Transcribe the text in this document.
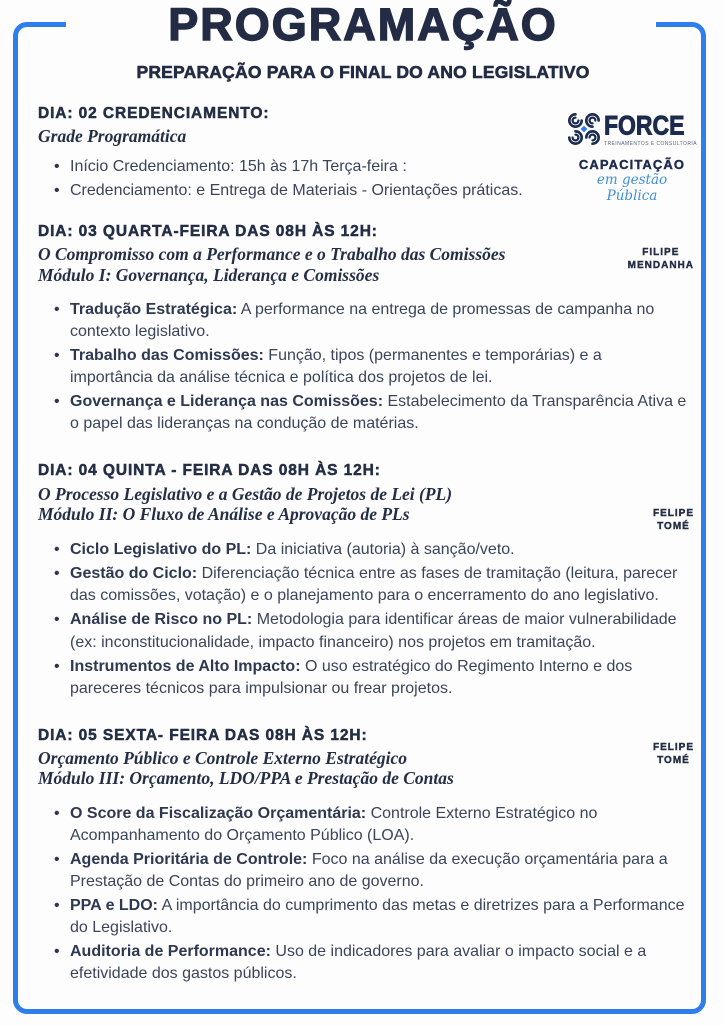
FORCE
TREINAMENTOS E CONSULTORIA
CAPACITAÇÃO
em gestão Pública
PROGRAMAÇÃO
PREPARAÇÃO PARA O FINAL DO ANO LEGISLATIVO
DIA: 02 CREDENCIAMENTO:
Grade Programática
• Início Credenciamento: 15h às 17h Terça-feira :
• Credenciamento: e Entrega de Materiais - Orientações práticas.
DIA: 03 QUARTA-FEIRA DAS 08H ÀS 12H:
O Compromisso com a Performance e o Trabalho das Comissões
Módulo I: Governança, Liderança e Comissões
FILIPE
MENDANHA
• Tradução Estratégica: A performance na entrega de promessas de campanha no contexto legislativo.
• Trabalho das Comissões: Função, tipos (permanentes e temporárias) e a importância da análise técnica e política dos projetos de lei.
• Governança e Liderança nas Comissões: Estabelecimento da Transparência Ativa e o papel das lideranças na condução de matérias.
DIA: 04 QUINTA - FEIRA DAS 08H ÀS 12H:
O Processo Legislativo e a Gestão de Projetos de Lei (PL)
Módulo II: O Fluxo de Análise e Aprovação de PLs	FELIPE
TOMÉ
• Ciclo Legislativo do PL: Da iniciativa (autoria) à sanção/veto.
• Gestão do Ciclo: Diferenciação técnica entre as fases de tramitação (leitura, parecer das comissões, votação) e o planejamento para o encerramento do ano legislativo.
• Análise de Risco no PL: Metodologia para identificar áreas de maior vulnerabilidade (ex: inconstitucionalidade, impacto financeiro) nos projetos em tramitação.
• Instrumentos de Alto Impacto: O uso estratégico do Regimento Interno e dos pareceres técnicos para impulsionar ou frear projetos.
DIA: 05 SEXTA- FEIRA DAS 08H ÀS 12H:
Orçamento Público e Controle Externo Estratégico
Módulo III: Orçamento, LDO/PPA e Prestação de Contas
FELIPE
TOMÉ
• O Score da Fiscalização Orçamentária: Controle Externo Estratégico no Acompanhamento do Orçamento Público (LOA).
• Agenda Prioritária de Controle: Foco na análise da execução orçamentária para a Prestação de Contas do primeiro ano de governo.
• PPA e LDO: A importância do cumprimento das metas e diretrizes para a Performance do Legislativo.
• Auditoria de Performance: Uso de indicadores para avaliar o impacto social e a efetividade dos gastos públicos.
